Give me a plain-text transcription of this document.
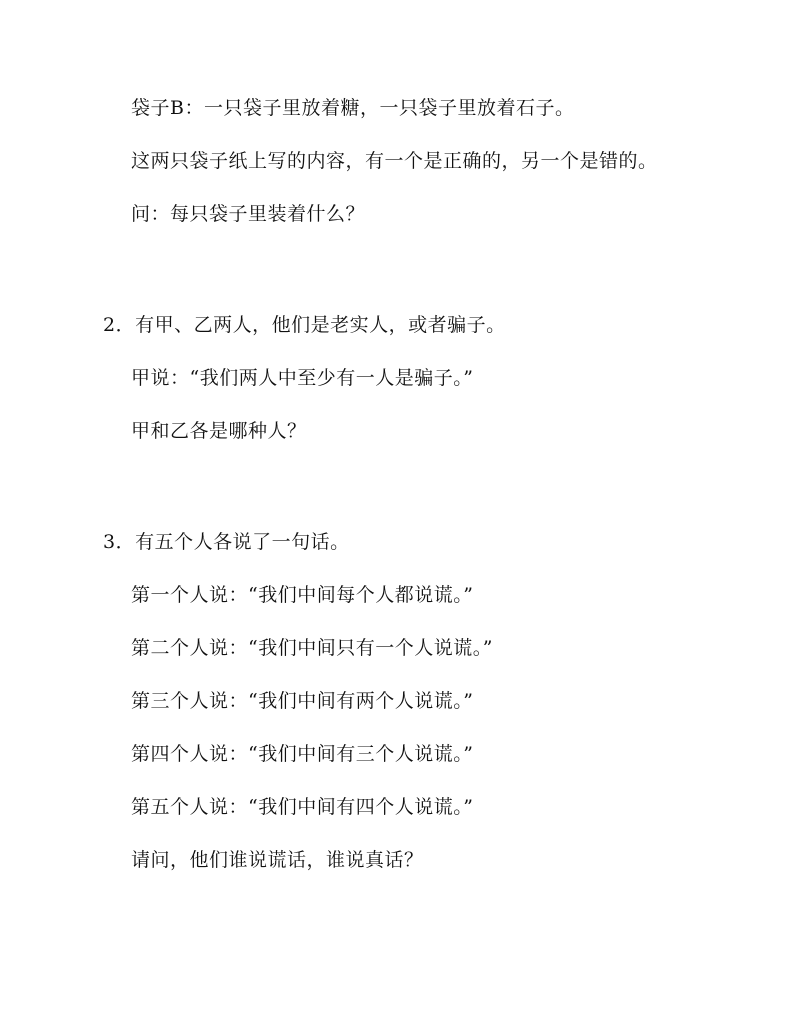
袋子B：一只袋子里放着糖，一只袋子里放着石子。
这两只袋子纸上写的内容，有一个是正确的，另一个是错的。
问：每只袋子里装着什么？
2．有甲、乙两人，他们是老实人，或者骗子。
甲说：“我们两人中至少有一人是骗子。”
甲和乙各是哪种人？
3．有五个人各说了一句话。
第一个人说：“我们中间每个人都说谎。”
第二个人说：“我们中间只有一个人说谎。”
第三个人说：“我们中间有两个人说谎。”
第四个人说：“我们中间有三个人说谎。”
第五个人说：“我们中间有四个人说谎。”
请问，他们谁说谎话，谁说真话？
